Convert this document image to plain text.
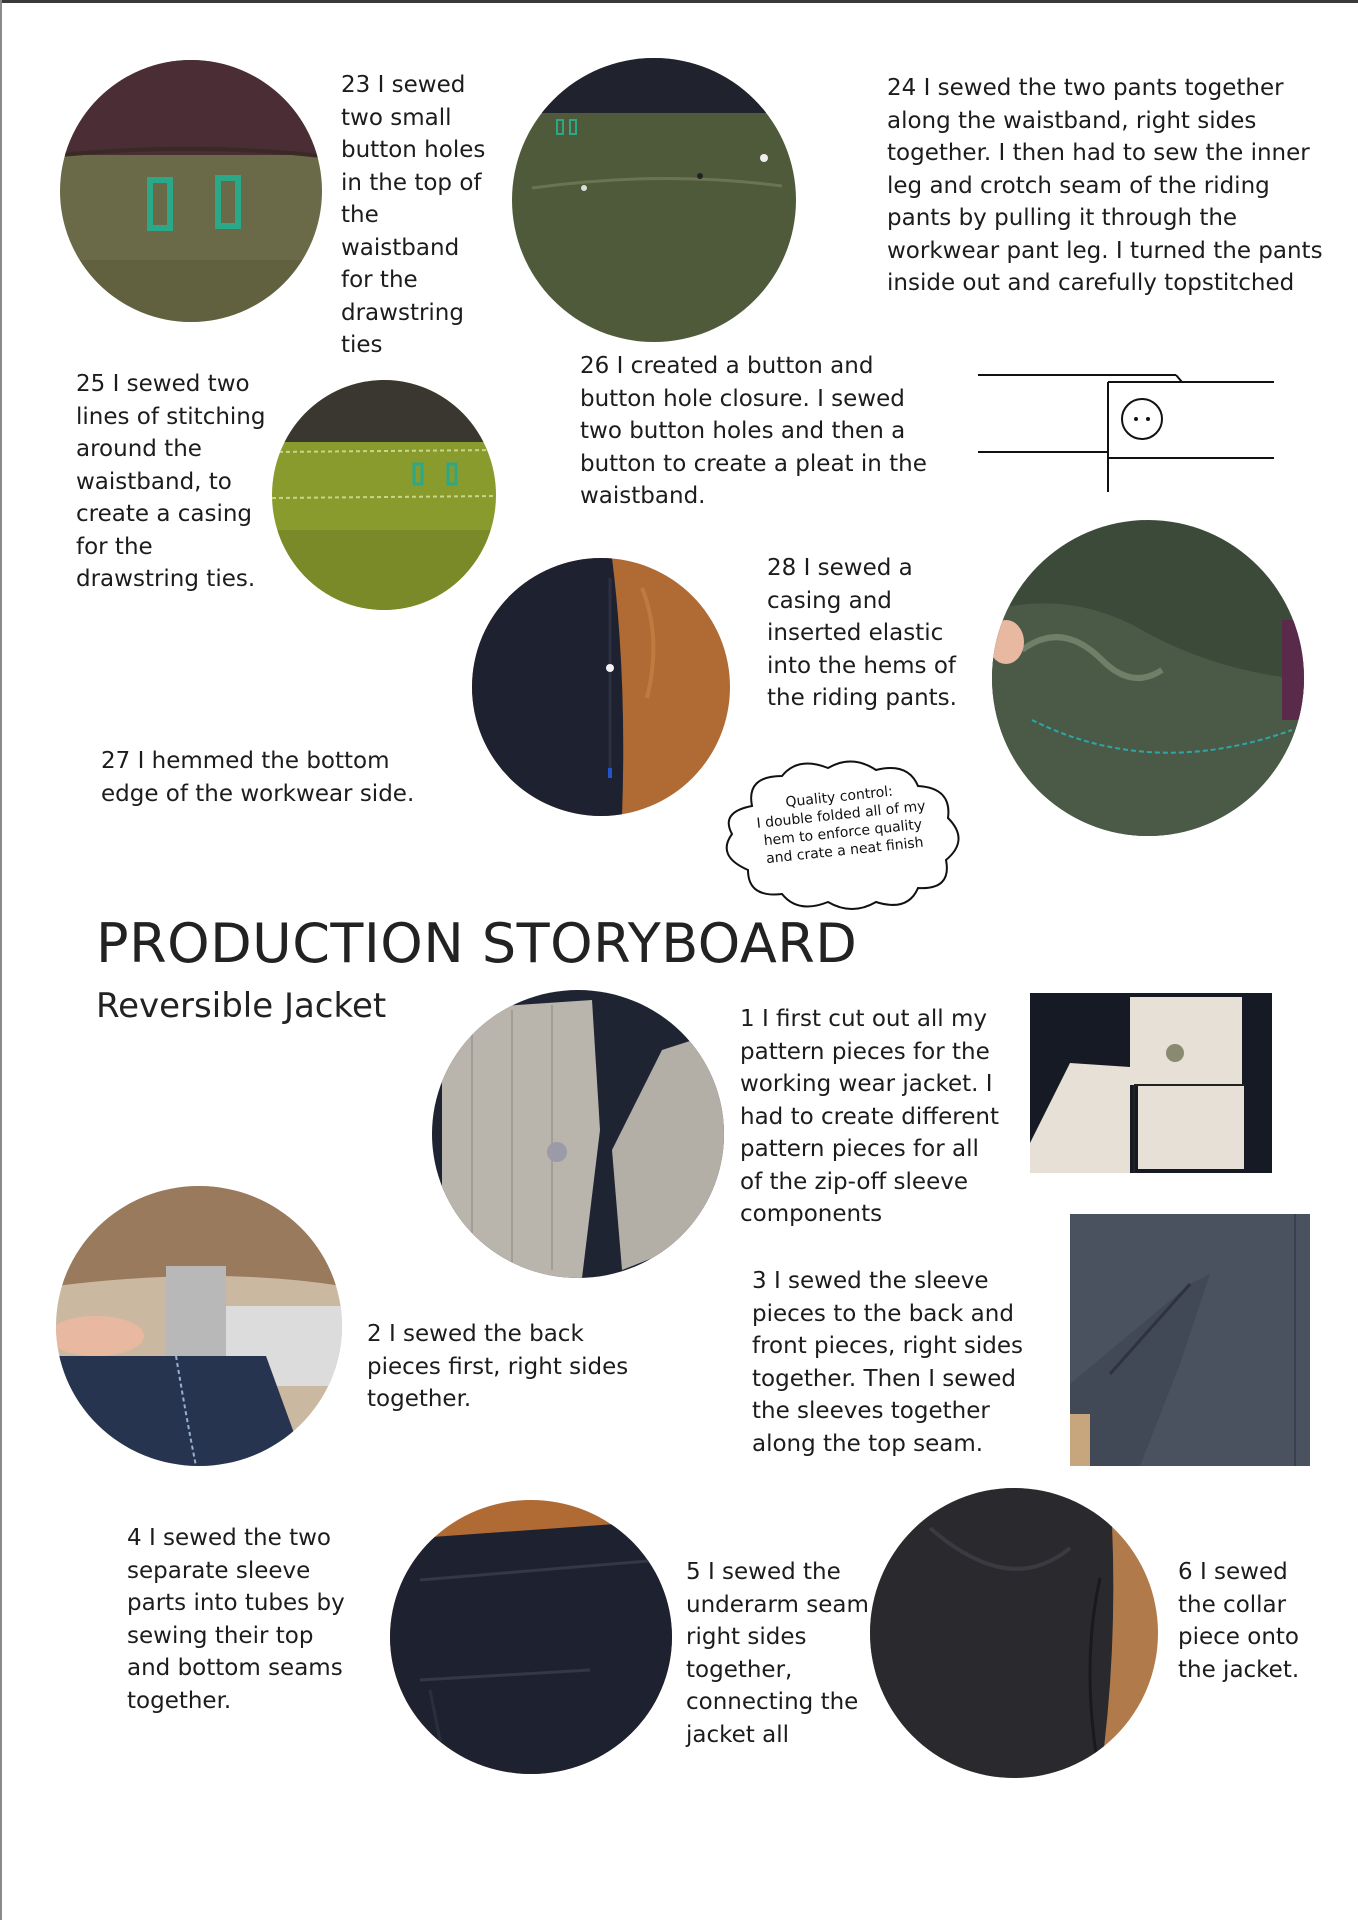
23 I sewed
two small
button holes
in the top of
the
waistband
for the
drawstring
ties
24 I sewed the two pants together
along the waistband, right sides
together. I then had to sew the inner
leg and crotch seam of the riding
pants by pulling it through the
workwear pant leg. I turned the pants
inside out and carefully topstitched
25 I sewed two
lines of stitching
around the
waistband, to
create a casing
for the
drawstring ties.
26 I created a button and
button hole closure. I sewed
two button holes and then a
button to create a pleat in the
waistband.
28 I sewed a
casing and
inserted elastic
into the hems of
the riding pants.
27 I hemmed the bottom
edge of the workwear side.	Quality control:
I double folded all of my
hem to enforce quality
and crate a neat finish
PRODUCTION STORYBOARD
Reversible Jacket	1 I first cut out all my
pattern pieces for the
working wear jacket. I
had to create different
pattern pieces for all
of the zip-off sleeve
components
2 I sewed the back
pieces first, right sides
together.
3 I sewed the sleeve
pieces to the back and
front pieces, right sides
together. Then I sewed
the sleeves together
along the top seam.
4 I sewed the two
separate sleeve
parts into tubes by
sewing their top
and bottom seams
together.
5 I sewed the
underarm seam
right sides
together,
connecting the
jacket all
6 I sewed
the collar
piece onto
the jacket.
